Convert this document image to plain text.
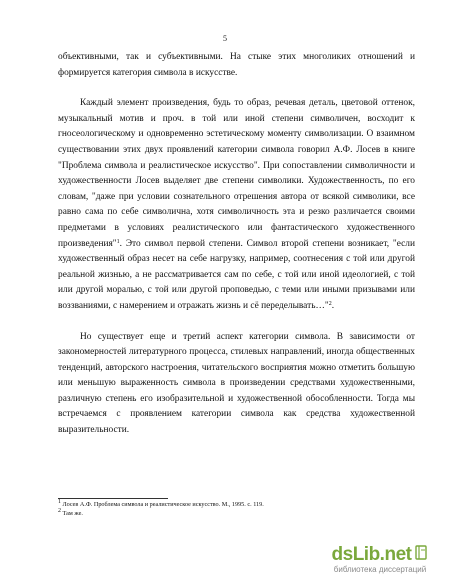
5

объективными, так и субъективными. На стыке этих многоликих отношений и формируется категория символа в искусстве.

Каждый элемент произведения, будь то образ, речевая деталь, цветовой оттенок, музыкальный мотив и проч. в той или иной степени символичен, восходит к гносеологическому и одновременно эстетическому моменту символизации. О взаимном существовании этих двух проявлений категории символа говорил А.Ф. Лосев в книге "Проблема символа и реалистическое искусство". При сопоставлении символичности и художественности Лосев выделяет две степени символики. Художественность, по его словам, "даже при условии сознательного отрешения автора от всякой символики, все равно сама по себе символична, хотя символичность эта и резко различается своими предметами в условиях реалистического или фантастического художественного произведения"$^1$. Это символ первой степени. Символ второй степени возникает, "если художественный образ несет на себе нагрузку, например, соотнесения с той или другой реальной жизнью, а не рассматривается сам по себе, с той или иной идеологией, с той или другой моралью, с той или другой проповедью, с теми или иными призывами или воззваниями, с намерением и отражать жизнь и сё переделывать…"$^2$.

Но существует еще и третий аспект категории символа. В зависимости от закономерностей литературного процесса, стилевых направлений, иногда общественных тенденций, авторского настроения, читательского восприятия можно отметить большую или меньшую выраженность символа в произведении средствами художественными, различную степень его изобразительной и художественной обособленности. Тогда мы встречаемся с проявлением категории символа как средства художественной выразительности.

$^1$ Лосев А.Ф. Проблема символа и реалистическое искусство. М., 1995. с. 119.

$^2$ Там же.

dsLib.net
библиотека диссертаций
